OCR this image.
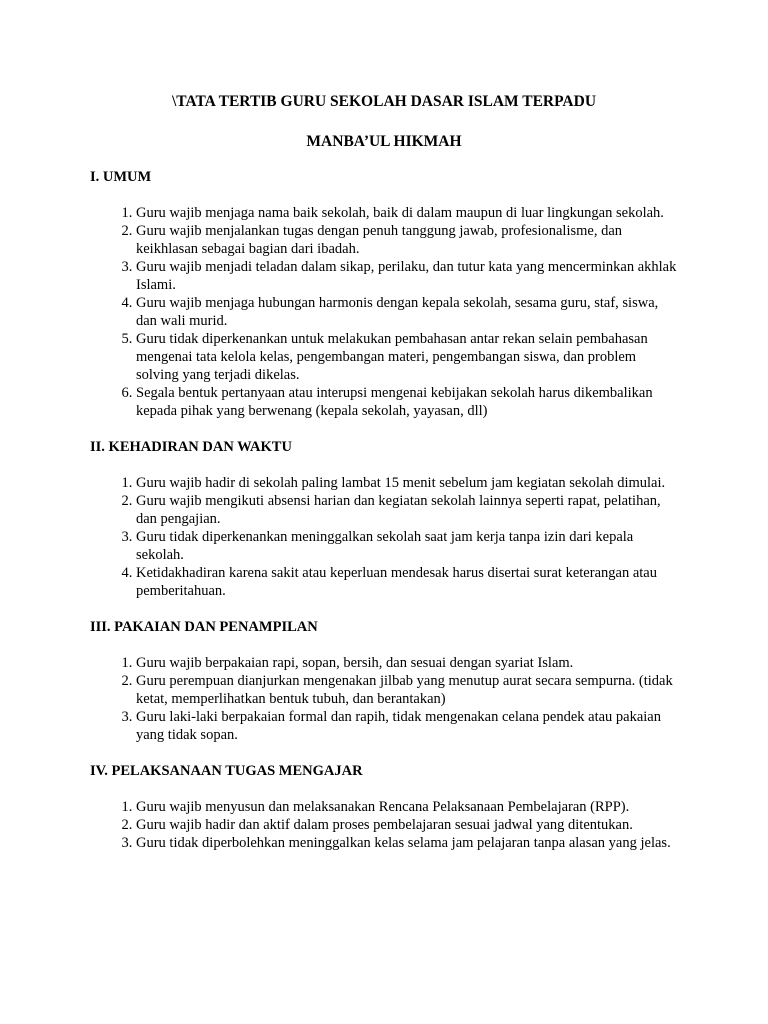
\TATA TERTIB GURU SEKOLAH DASAR ISLAM TERPADU
MANBA’UL HIKMAH
I. UMUM
1. Guru wajib menjaga nama baik sekolah, baik di dalam maupun di luar lingkungan sekolah.
2. Guru wajib menjalankan tugas dengan penuh tanggung jawab, profesionalisme, dan keikhlasan sebagai bagian dari ibadah.
3. Guru wajib menjadi teladan dalam sikap, perilaku, dan tutur kata yang mencerminkan akhlak Islami.
4. Guru wajib menjaga hubungan harmonis dengan kepala sekolah, sesama guru, staf, siswa, dan wali murid.
5. Guru tidak diperkenankan untuk melakukan pembahasan antar rekan selain pembahasan mengenai tata kelola kelas, pengembangan materi, pengembangan siswa, dan problem solving yang terjadi dikelas.
6. Segala bentuk pertanyaan atau interupsi mengenai kebijakan sekolah harus dikembalikan kepada pihak yang berwenang (kepala sekolah, yayasan, dll)
II. KEHADIRAN DAN WAKTU
1. Guru wajib hadir di sekolah paling lambat 15 menit sebelum jam kegiatan sekolah dimulai.
2. Guru wajib mengikuti absensi harian dan kegiatan sekolah lainnya seperti rapat, pelatihan, dan pengajian.
3. Guru tidak diperkenankan meninggalkan sekolah saat jam kerja tanpa izin dari kepala sekolah.
4. Ketidakhadiran karena sakit atau keperluan mendesak harus disertai surat keterangan atau pemberitahuan.
III. PAKAIAN DAN PENAMPILAN
1. Guru wajib berpakaian rapi, sopan, bersih, dan sesuai dengan syariat Islam.
2. Guru perempuan dianjurkan mengenakan jilbab yang menutup aurat secara sempurna. (tidak ketat, memperlihatkan bentuk tubuh, dan berantakan)
3. Guru laki-laki berpakaian formal dan rapih, tidak mengenakan celana pendek atau pakaian yang tidak sopan.
IV. PELAKSANAAN TUGAS MENGAJAR
1. Guru wajib menyusun dan melaksanakan Rencana Pelaksanaan Pembelajaran (RPP).
2. Guru wajib hadir dan aktif dalam proses pembelajaran sesuai jadwal yang ditentukan.
3. Guru tidak diperbolehkan meninggalkan kelas selama jam pelajaran tanpa alasan yang jelas.
